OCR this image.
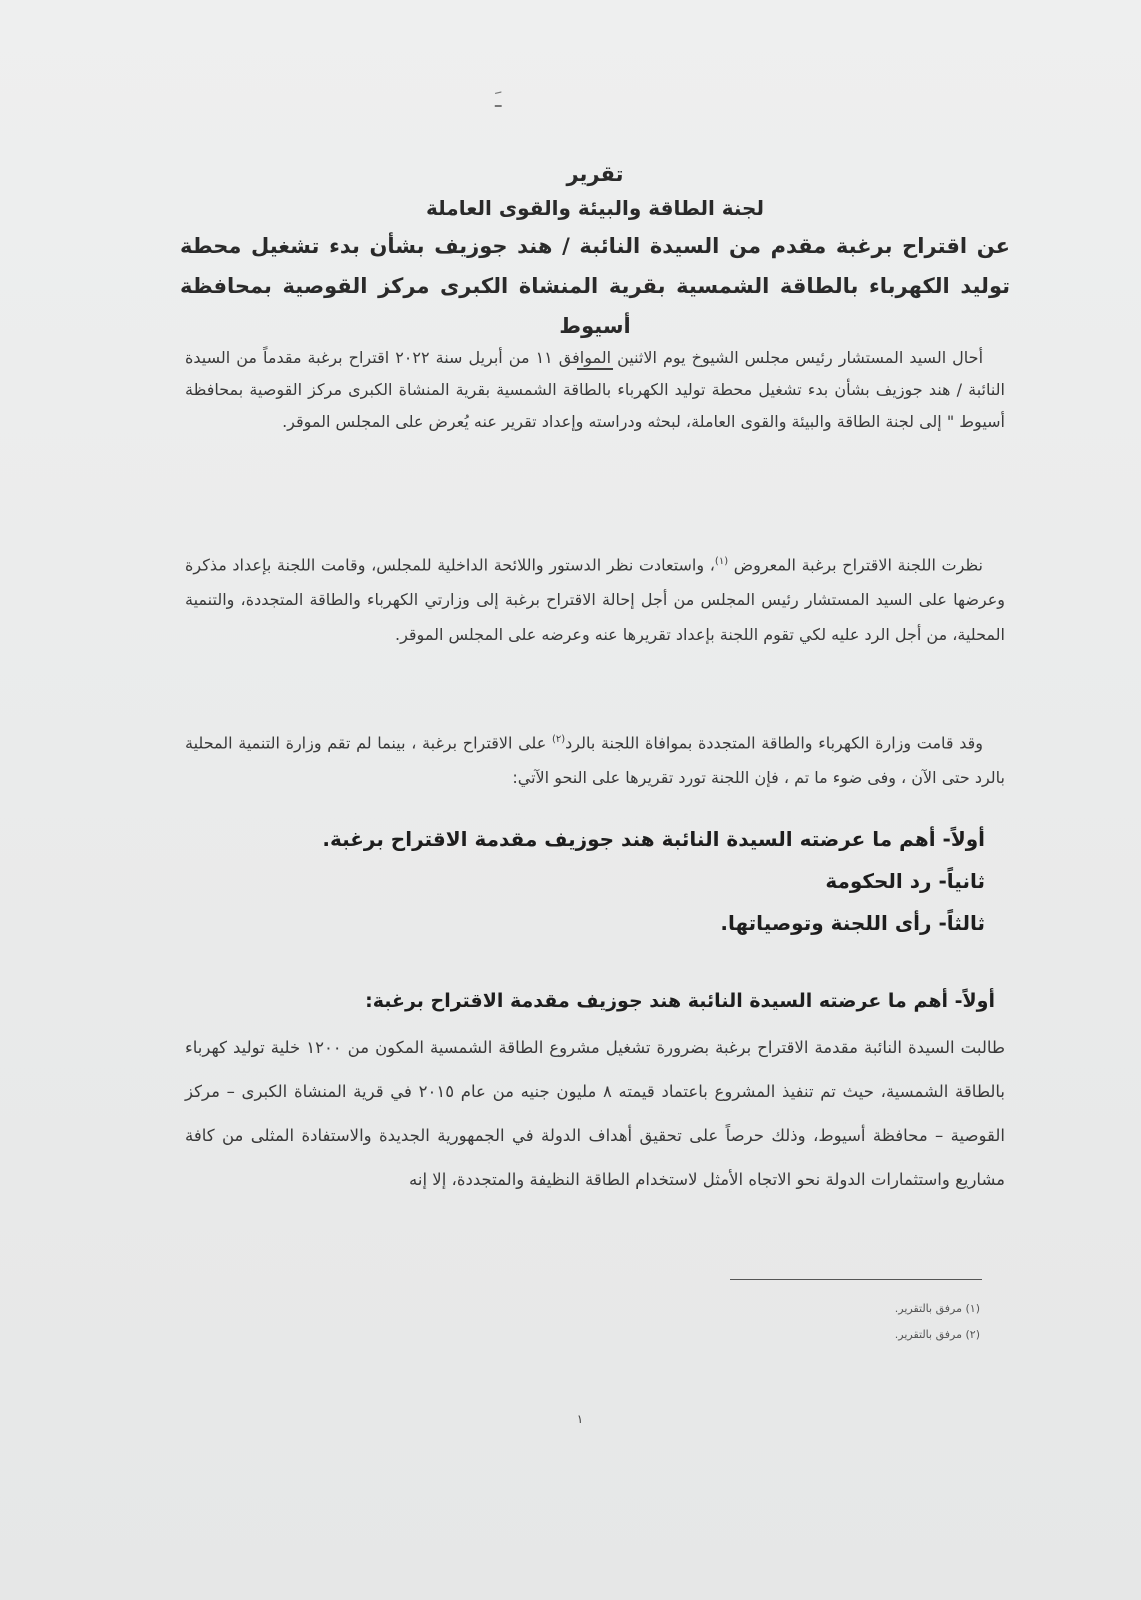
ﹷ

تقرير

لجنة الطاقة والبيئة والقوى العاملة

عن اقتراح برغبة مقدم من السيدة النائبة / هند جوزيف بشأن بدء تشغيل محطة توليد الكهرباء بالطاقة الشمسية بقرية المنشاة الكبرى مركز القوصية بمحافظة أسيوط

أحال السيد المستشار رئيس مجلس الشيوخ يوم الاثنين الموافق ١١ من أبريل سنة ٢٠٢٢ اقتراح برغبة مقدماً من السيدة النائبة / هند جوزيف بشأن بدء تشغيل محطة توليد الكهرباء بالطاقة الشمسية بقرية المنشاة الكبرى مركز القوصية بمحافظة أسيوط " إلى لجنة الطاقة والبيئة والقوى العاملة، لبحثه ودراسته وإعداد تقرير عنه يُعرض على المجلس الموقر.

نظرت اللجنة الاقتراح برغبة المعروض $^{(١)}$، واستعادت نظر الدستور واللائحة الداخلية للمجلس، وقامت اللجنة بإعداد مذكرة وعرضها على السيد المستشار رئيس المجلس من أجل إحالة الاقتراح برغبة إلى وزارتي الكهرباء والطاقة المتجددة، والتنمية المحلية، من أجل الرد عليه لكي تقوم اللجنة بإعداد تقريرها عنه وعرضه على المجلس الموقر.

وقد قامت وزارة الكهرباء والطاقة المتجددة بموافاة اللجنة بالرد$^{(٢)}$ على الاقتراح برغبة ، بينما لم تقم وزارة التنمية المحلية بالرد حتى الآن ، وفى ضوء ما تم ، فإن اللجنة تورد تقريرها على النحو الآتي:

أولاً- أهم ما عرضته السيدة النائبة هند جوزيف مقدمة الاقتراح برغبة.

ثانياً- رد الحكومة

ثالثاً- رأى اللجنة وتوصياتها.

أولاً- أهم ما عرضته السيدة النائبة هند جوزيف مقدمة الاقتراح برغبة:

طالبت السيدة النائبة مقدمة الاقتراح برغبة بضرورة تشغيل مشروع الطاقة الشمسية المكون من ١٢٠٠ خلية توليد كهرباء بالطاقة الشمسية، حيث تم تنفيذ المشروع باعتماد قيمته ٨ مليون جنيه من عام ٢٠١٥ في قرية المنشاة الكبرى – مركز القوصية – محافظة أسيوط، وذلك حرصاً على تحقيق أهداف الدولة في الجمهورية الجديدة والاستفادة المثلى من كافة مشاريع واستثمارات الدولة نحو الاتجاه الأمثل لاستخدام الطاقة النظيفة والمتجددة، إلا إنه

(١) مرفق بالتقرير.
(٢) مرفق بالتقرير.
١
